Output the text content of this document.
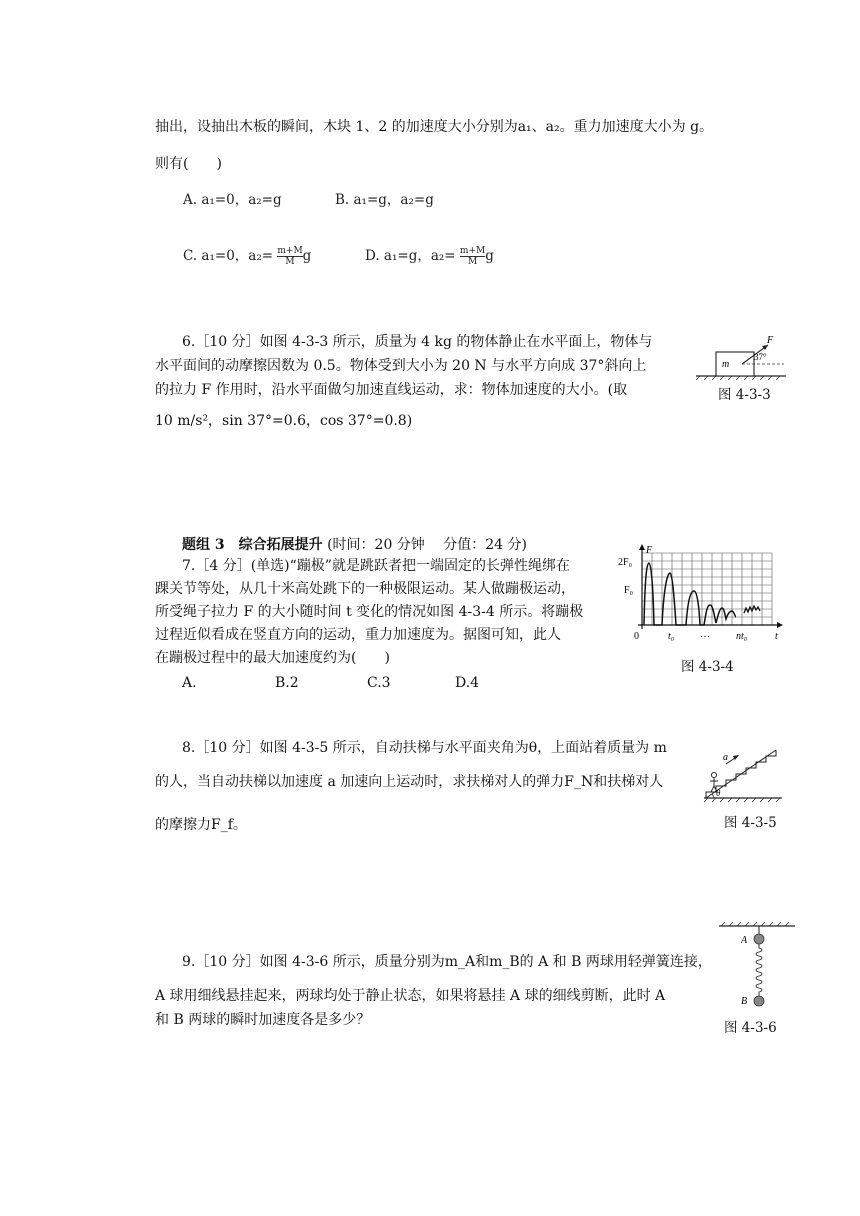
抽出，设抽出木板的瞬间，木块 1、2 的加速度大小分别为a₁、a₂。重力加速度大小为 g。
则有(　　)
A. a₁=0，a₂=g	B. a₁=g，a₂=g
C. a₁=0，$a_2= \frac{m+M}{M}$ g	D. a₁=g，$a_2= \frac{m+M}{M}$ g
6.［10 分］如图 4-3-3 所示，质量为 4 kg 的物体静止在水平面上，物体与
水平面间的动摩擦因数为 0.5。物体受到大小为 20 N 与水平方向成 37°斜向上
的拉力 F 作用时，沿水平面做匀加速直线运动，求：物体加速度的大小。(取
10 m/s²，sin 37°=0.6，cos 37°=0.8)
m
F
37°
图 4-3-3
题组 3　综合拓展提升 (时间：20 分钟　 分值：24 分)
7.［4 分］(单选)“蹦极”就是跳跃者把一端固定的长弹性绳绑在
踝关节等处，从几十米高处跳下的一种极限运动。某人做蹦极运动，
所受绳子拉力 F 的大小随时间 t 变化的情况如图 4-3-4 所示。将蹦极
过程近似看成在竖直方向的运动，重力加速度为。据图可知，此人
在蹦极过程中的最大加速度约为(　　)
A.	B.2	C.3	D.4
2F₀
F₀
F
0	t₀	…	nt₀	t
图 4-3-4
8.［10 分］如图 4-3-5 所示，自动扶梯与水平面夹角为θ，上面站着质量为 m
的人，当自动扶梯以加速度 a 加速向上运动时，求扶梯对人的弹力F_N和扶梯对人
的摩擦力F_f。
a
θ
图 4-3-5
9.［10 分］如图 4-3-6 所示，质量分别为m_A和m_B的 A 和 B 两球用轻弹簧连接，
A 球用细线悬挂起来，两球均处于静止状态，如果将悬挂 A 球的细线剪断，此时 A
和 B 两球的瞬时加速度各是多少？
A
B
图 4-3-6
